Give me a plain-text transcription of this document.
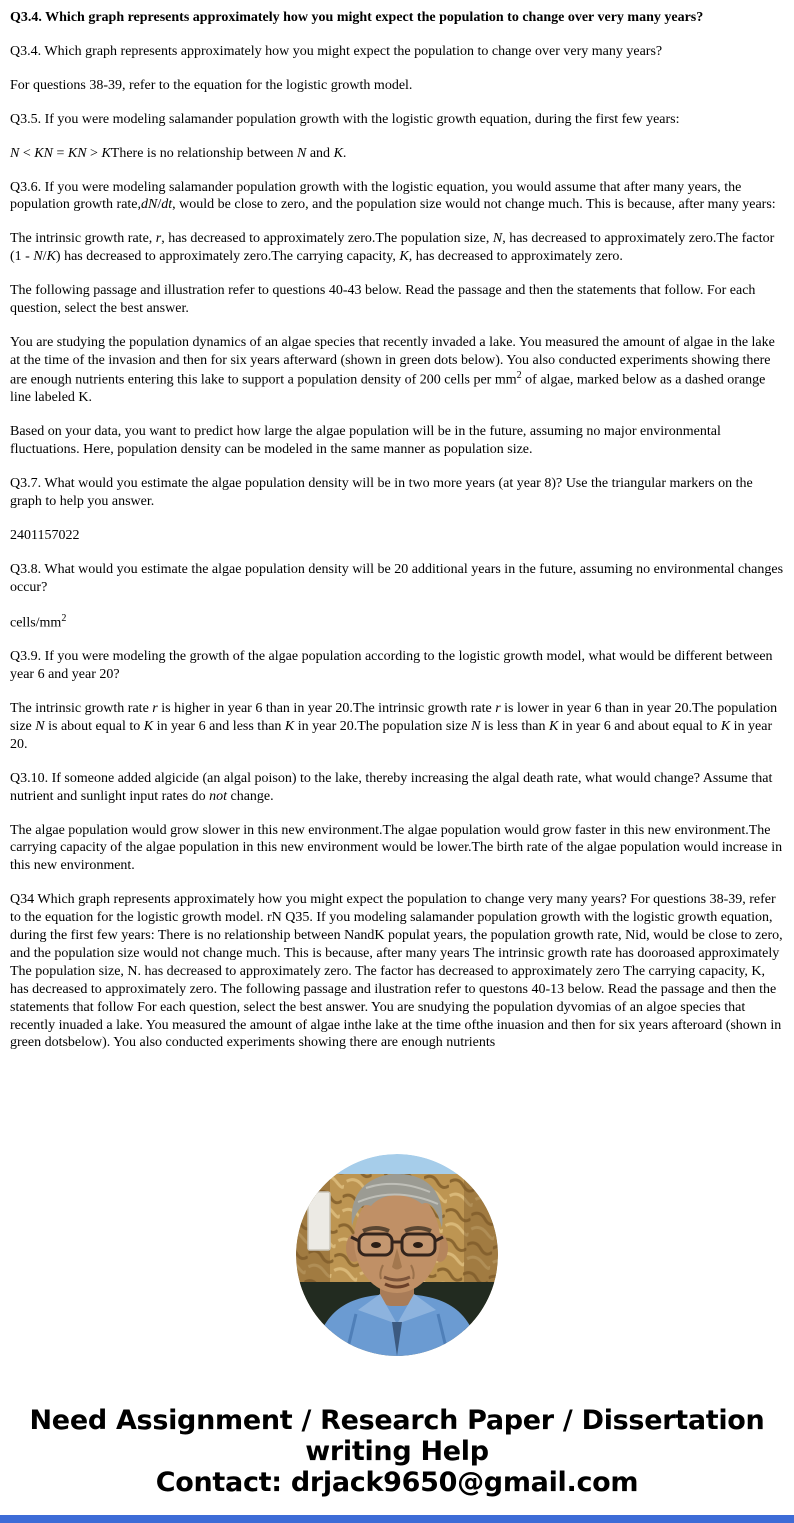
Q3.4. Which graph represents approximately how you might expect the population to change over very many years?

Q3.4. Which graph represents approximately how you might expect the population to change over very many years?

For questions 38-39, refer to the equation for the logistic growth model.

Q3.5. If you were modeling salamander population growth with the logistic growth equation, during the first few years:

N < KN = KN > KThere is no relationship between N and K.

Q3.6. If you were modeling salamander population growth with the logistic equation, you would assume that after many years, the population growth rate,dN/dt, would be close to zero, and the population size would not change much. This is because, after many years:

The intrinsic growth rate, r, has decreased to approximately zero.The population size, N, has decreased to approximately zero.The factor (1 - N/K) has decreased to approximately zero.The carrying capacity, K, has decreased to approximately zero.

The following passage and illustration refer to questions 40-43 below. Read the passage and then the statements that follow. For each question, select the best answer.

You are studying the population dynamics of an algae species that recently invaded a lake. You measured the amount of algae in the lake at the time of the invasion and then for six years afterward (shown in green dots below). You also conducted experiments showing there are enough nutrients entering this lake to support a population density of 200 cells per $mm^2$ of algae, marked below as a dashed orange line labeled K.

Based on your data, you want to predict how large the algae population will be in the future, assuming no major environmental fluctuations. Here, population density can be modeled in the same manner as population size.

Q3.7. What would you estimate the algae population density will be in two more years (at year 8)? Use the triangular markers on the graph to help you answer.

2401157022

Q3.8. What would you estimate the algae population density will be 20 additional years in the future, assuming no environmental changes occur?

cells/$mm^2$

Q3.9. If you were modeling the growth of the algae population according to the logistic growth model, what would be different between year 6 and year 20?

The intrinsic growth rate r is higher in year 6 than in year 20.The intrinsic growth rate r is lower in year 6 than in year 20.The population size N is about equal to K in year 6 and less than K in year 20.The population size N is less than K in year 6 and about equal to K in year 20.

Q3.10. If someone added algicide (an algal poison) to the lake, thereby increasing the algal death rate, what would change? Assume that nutrient and sunlight input rates do not change.

The algae population would grow slower in this new environment.The algae population would grow faster in this new environment.The carrying capacity of the algae population in this new environment would be lower.The birth rate of the algae population would increase in this new environment.

Q34 Which graph represents approximately how you might expect the population to change very many years? For questions 38-39, refer to the equation for the logistic growth model. rN Q35. If you modeling salamander population growth with the logistic growth equation, during the first few years: There is no relationship between NandK populat years, the population growth rate, Nid, would be close to zero, and the population size would not change much. This is because, after many years The intrinsic growth rate has dooroased approximately The population size, N. has decreased to approximately zero. The factor has decreased to approximately zero The carrying capacity, K, has decreased to approximately zero. The following passage and ilustration refer to questons 40-13 below. Read the passage and then the statements that follow For each question, select the best answer. You are snudying the population dyvomias of an algoe species that recently inuaded a lake. You measured the amount of algae inthe lake at the time ofthe inuasion and then for six years afteroard (shown in green dotsbelow). You also conducted experiments showing there are enough nutrients

Need Assignment / Research Paper / Dissertation
writing Help
Contact: drjack9650@gmail.com
